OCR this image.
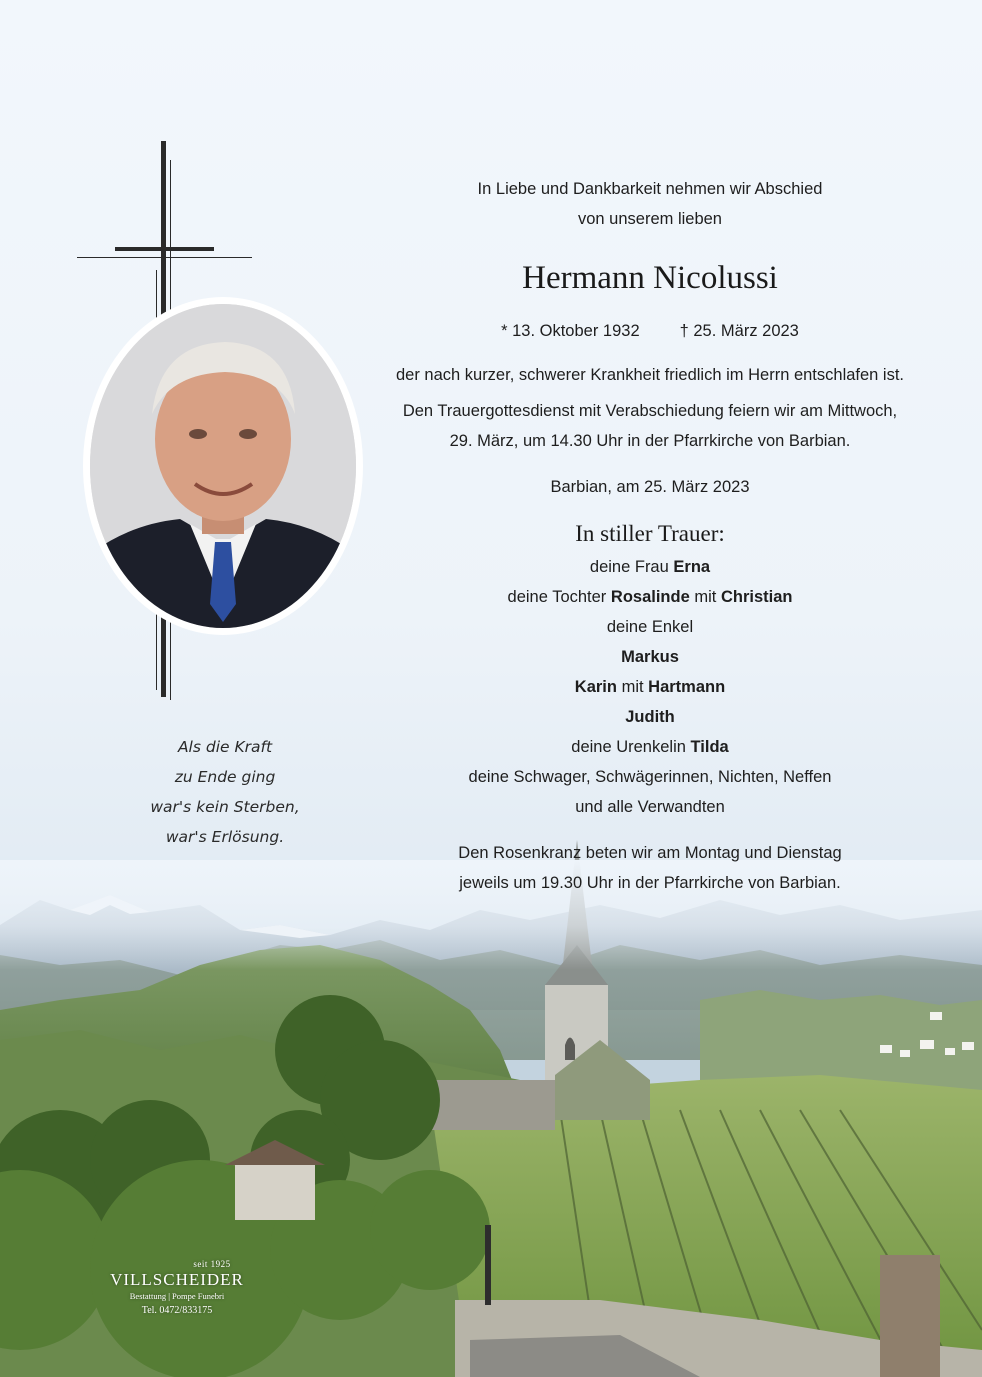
Als die Kraft
zu Ende ging
war's kein Sterben,
war's Erlösung.

In Liebe und Dankbarkeit nehmen wir Abschied

von unserem lieben

Hermann Nicolussi

* 13. Oktober 1932 † 25. März 2023

der nach kurzer, schwerer Krankheit friedlich im Herrn entschlafen ist.

Den Trauergottesdienst mit Verabschiedung feiern wir am Mittwoch,

29. März, um 14.30 Uhr in der Pfarrkirche von Barbian.

Barbian, am 25. März 2023

In stiller Trauer:

deine Frau Erna

deine Tochter Rosalinde mit Christian

deine Enkel

Markus

Karin mit Hartmann

Judith

deine Urenkelin Tilda

deine Schwager, Schwägerinnen, Nichten, Neffen

und alle Verwandten

Den Rosenkranz beten wir am Montag und Dienstag

jeweils um 19.30 Uhr in der Pfarrkirche von Barbian.

seit 1925
VILLSCHEIDER
Bestattung | Pompe Funebri
Tel. 0472/833175
